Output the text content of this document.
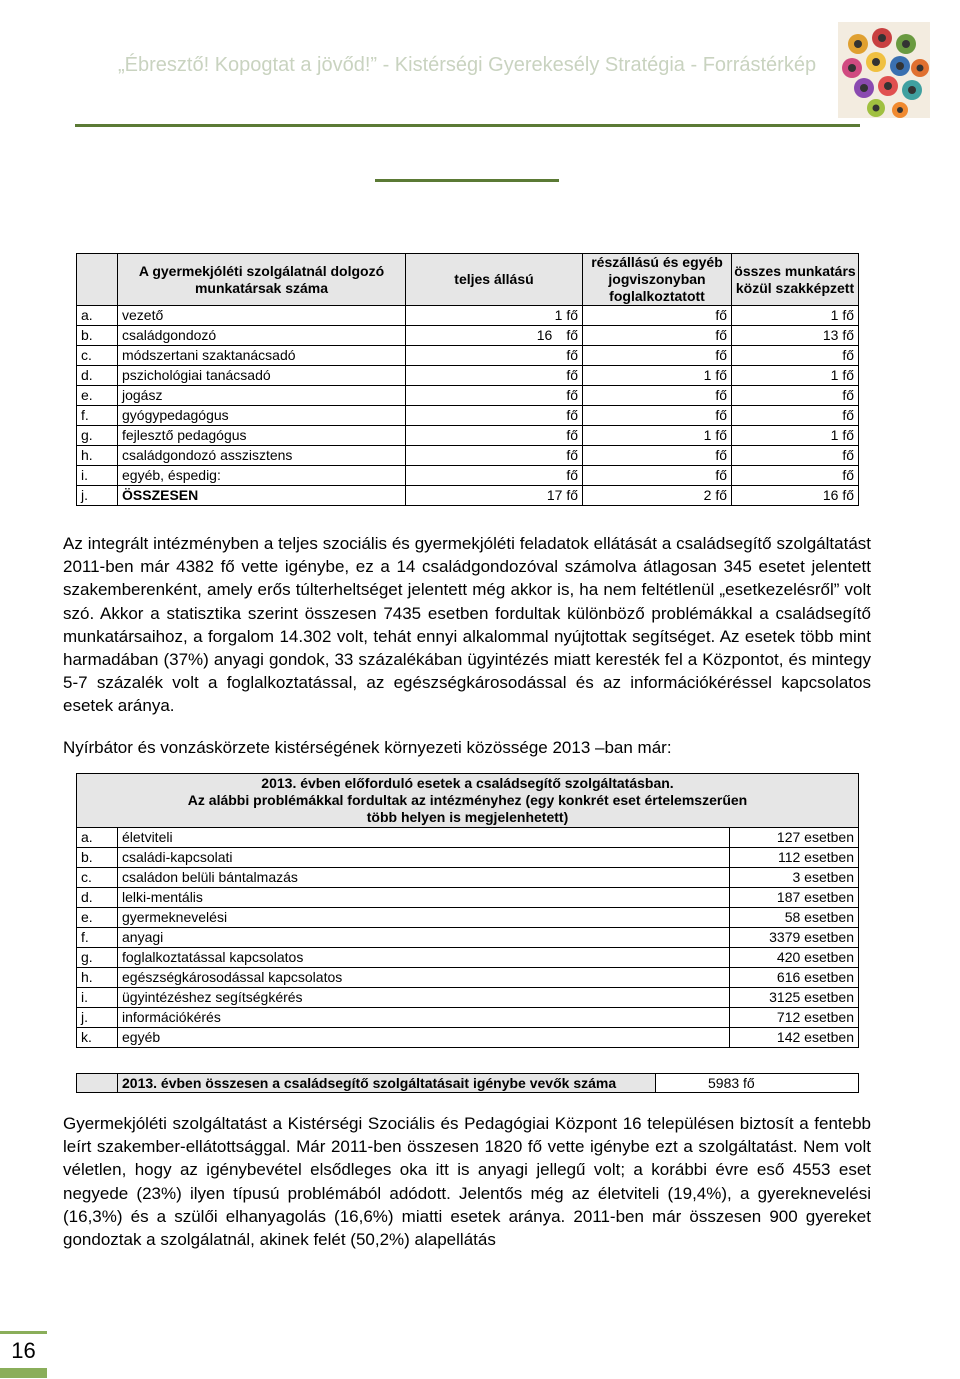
„Ébresztő! Kopogtat a jövőd!” - Kistérségi Gyerekesély Stratégia - Forrástérkép
	A gyermekjóléti szolgálatnál dolgozó munkatársak száma	teljes állású	részállású és egyéb jogviszonyban foglalkoztatott	összes munkatárs közül szakképzett
a.	vezető	1 fő	fő	1 fő
b.	családgondozó	16 fő	fő	13 fő
c.	módszertani szaktanácsadó	fő	fő	fő
d.	pszichológiai tanácsadó	fő	1 fő	1 fő
e.	jogász	fő	fő	fő
f.	gyógypedagógus	fő	fő	fő
g.	fejlesztő pedagógus	fő	1 fő	1 fő
h.	családgondozó asszisztens	fő	fő	fő
i.	egyéb, éspedig:	fő	fő	fő
j.	ÖSSZESEN	17 fő	2 fő	16 fő

Az integrált intézményben a teljes szociális és gyermekjóléti feladatok ellátását a családsegítő szolgáltatást 2011-ben már 4382 fő vette igénybe, ez a 14 családgondozóval számolva átlagosan 345 esetet jelentett szakemberenként, amely erős túlterheltséget jelentett még akkor is, ha nem feltétlenül „esetkezelésről” volt szó. Akkor a statisztika szerint összesen 7435 esetben fordultak különböző problémákkal a családsegítő munkatársaihoz, a forgalom 14.302 volt, tehát ennyi alkalommal nyújtottak segítséget. Az esetek több mint harmadában (37%) anyagi gondok, 33 százalékában ügyintézés miatt keresték fel a Központot, és mintegy 5-7 százalék volt a foglalkoztatással, az egészségkárosodással és az információkéréssel kapcsolatos esetek aránya.

Nyírbátor és vonzáskörzete kistérségének környezeti közössége 2013 –ban már:

2013. évben előforduló esetek a családsegítő szolgáltatásban.
Az alábbi problémákkal fordultak az intézményhez (egy konkrét eset értelemszerűen
több helyen is megjelenhetett)		

a.	életviteli	127 esetben
b.	családi-kapcsolati	112 esetben
c.	családon belüli bántalmazás	3 esetben
d.	lelki-mentális	187 esetben
e.	gyermeknevelési	58 esetben
f.	anyagi	3379 esetben
g.	foglalkoztatással kapcsolatos	420 esetben
h.	egészségkárosodással kapcsolatos	616 esetben
i.	ügyintézéshez segítségkérés	3125 esetben
j.	információkérés	712 esetben
k.	egyéb	142 esetben
	2013. évben összesen a családsegítő szolgáltatásait igénybe vevők száma	5983 fő

Gyermekjóléti szolgáltatást a Kistérségi Szociális és Pedagógiai Központ 16 településen biztosít a fentebb leírt szakember-ellátottsággal. Már 2011-ben összesen 1820 fő vette igénybe ezt a szolgáltatást. Nem volt véletlen, hogy az igénybevétel elsődleges oka itt is anyagi jellegű volt; a korábbi évre eső 4553 eset negyede (23%) ilyen típusú problémából adódott. Jelentős még az életviteli (19,4%), a gyereknevelési (16,3%) és a szülői elhanyagolás (16,6%) miatti esetek aránya. 2011-ben már összesen 900 gyereket gondoztak a szolgálatnál, akinek felét (50,2%) alapellátás

16
